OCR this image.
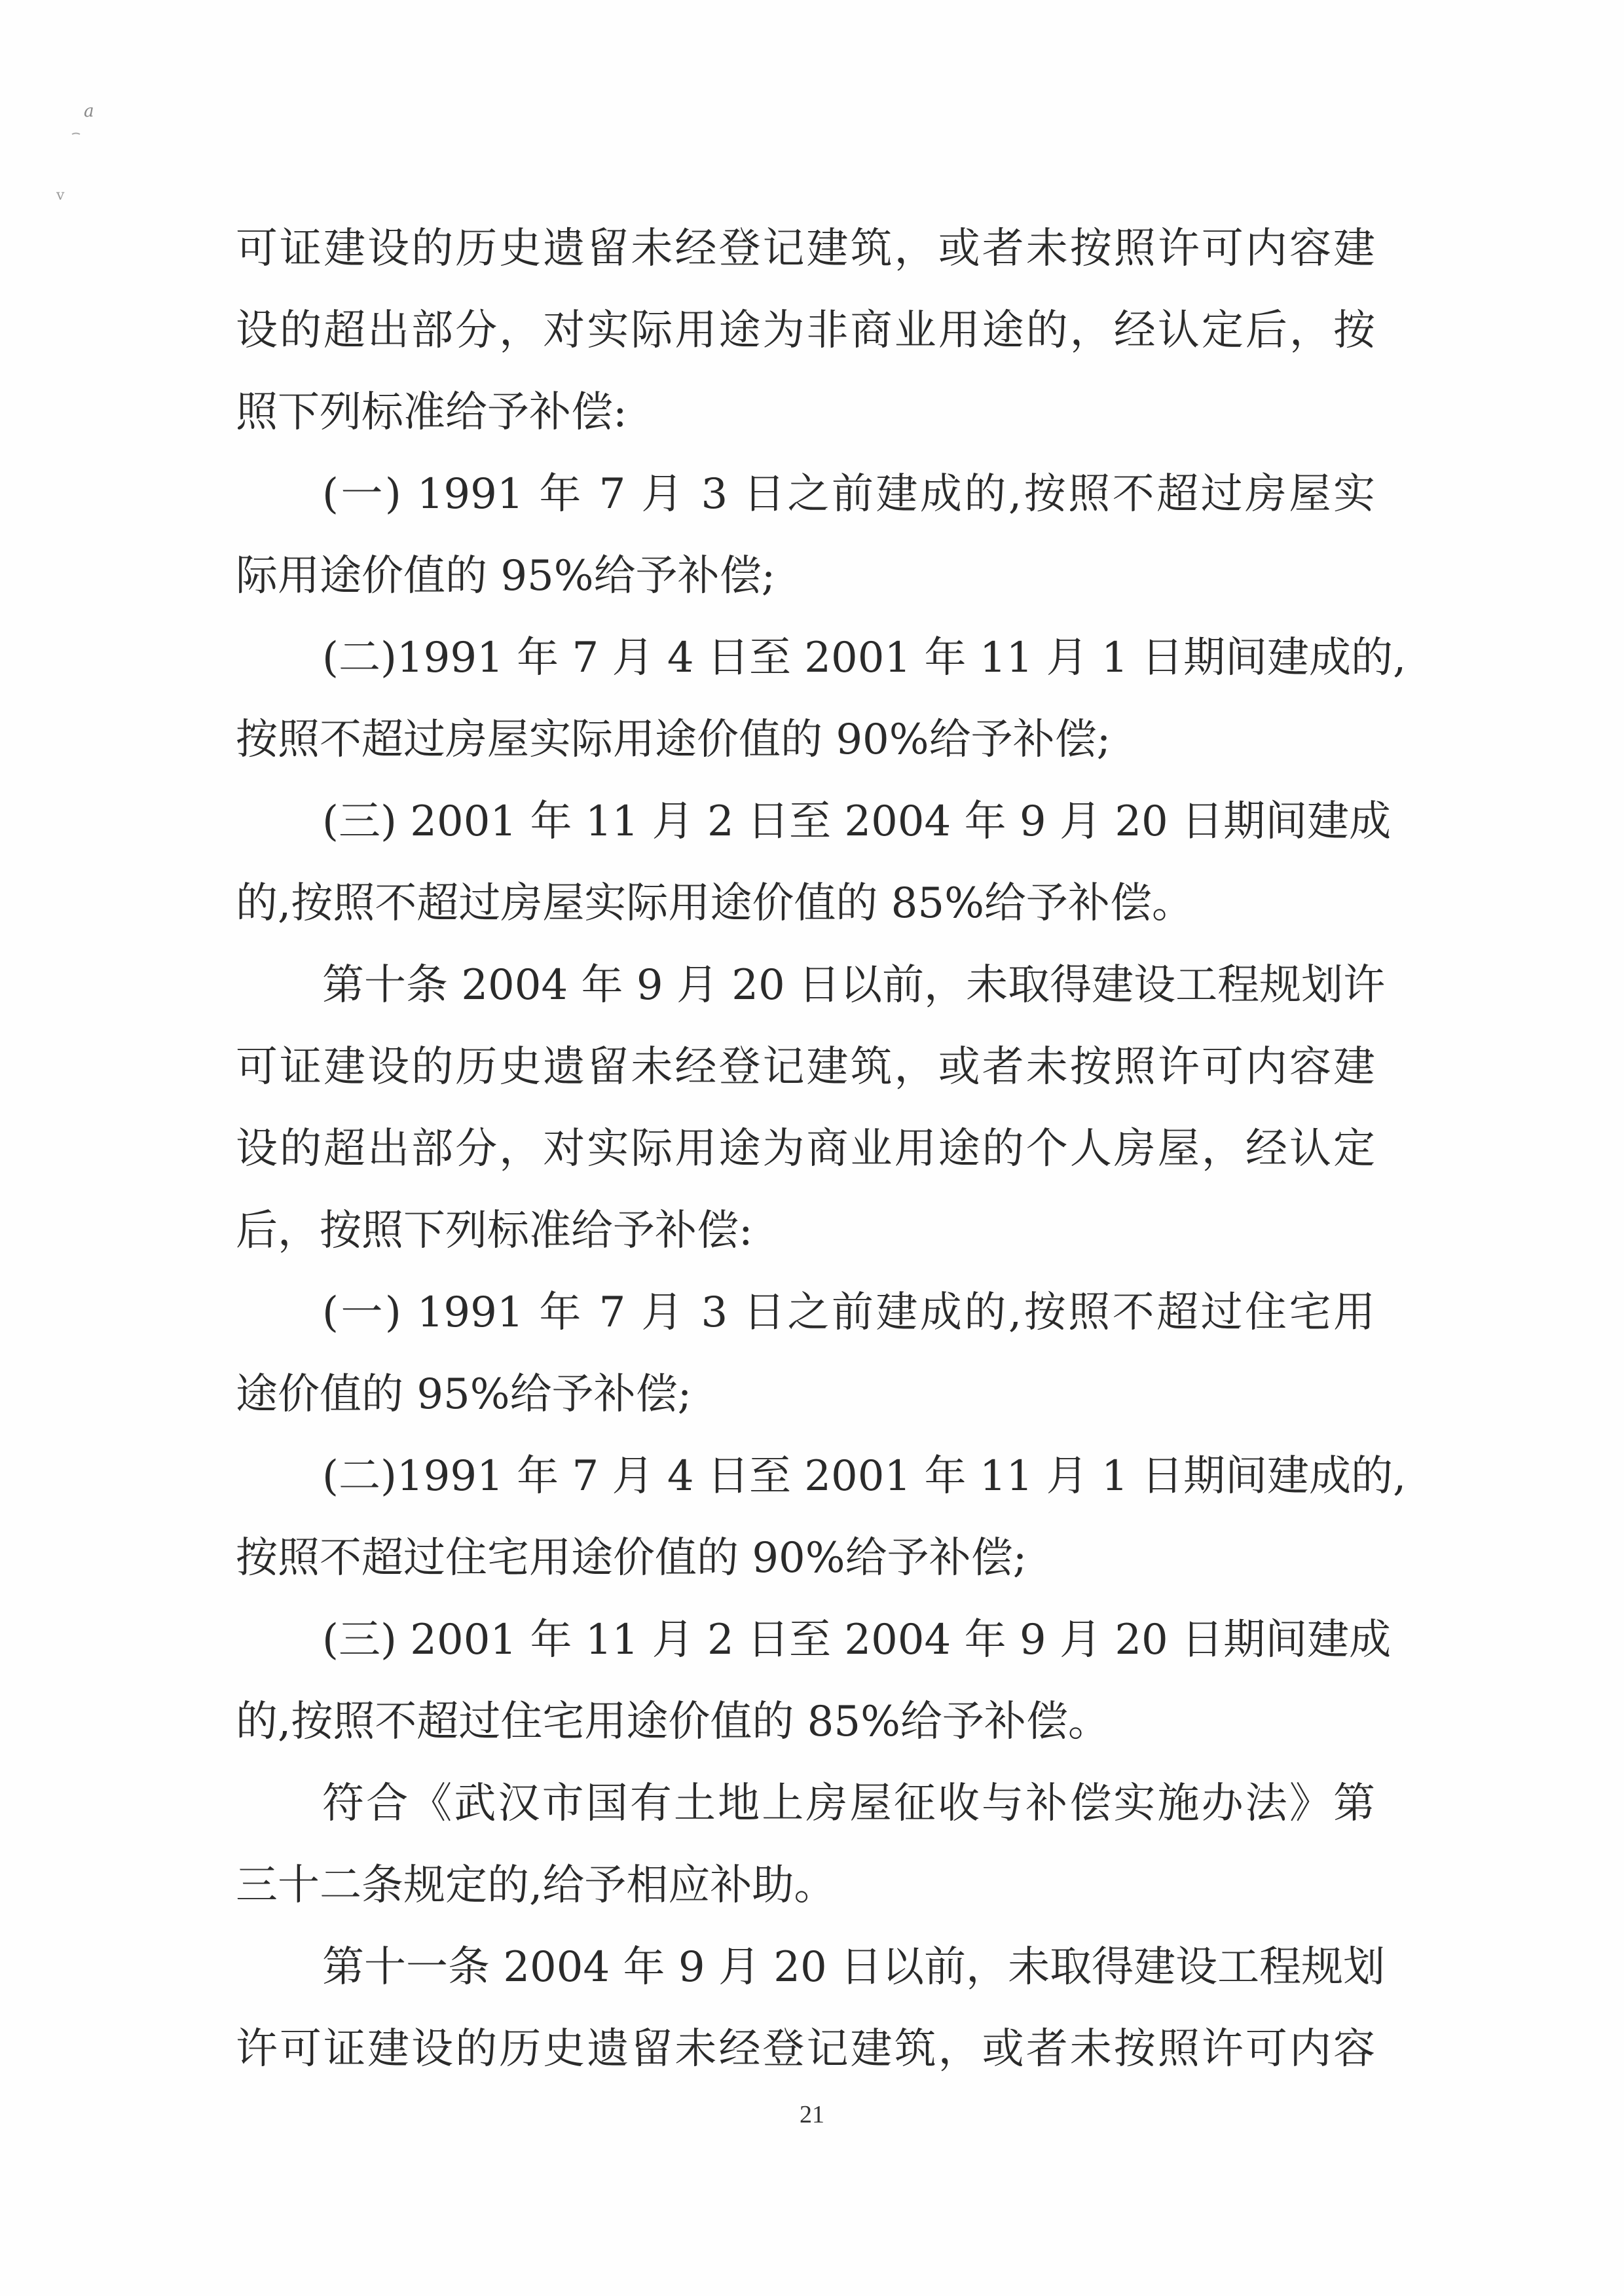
a
v
可证建设的历史遗留未经登记建筑，或者未按照许可内容建
设的超出部分，对实际用途为非商业用途的，经认定后，按
照下列标准给予补偿:
(一) 1991 年 7 月 3 日之前建成的,按照不超过房屋实
际用途价值的 95%给予补偿;
(二)1991 年 7 月 4 日至 2001 年 11 月 1 日期间建成的,
按照不超过房屋实际用途价值的 90%给予补偿;
(三) 2001 年 11 月 2 日至 2004 年 9 月 20 日期间建成
的,按照不超过房屋实际用途价值的 85%给予补偿。
第十条 2004 年 9 月 20 日以前，未取得建设工程规划许
可证建设的历史遗留未经登记建筑，或者未按照许可内容建
设的超出部分，对实际用途为商业用途的个人房屋，经认定
后，按照下列标准给予补偿:
(一) 1991 年 7 月 3 日之前建成的,按照不超过住宅用
途价值的 95%给予补偿;
(二)1991 年 7 月 4 日至 2001 年 11 月 1 日期间建成的,
按照不超过住宅用途价值的 90%给予补偿;
(三) 2001 年 11 月 2 日至 2004 年 9 月 20 日期间建成
的,按照不超过住宅用途价值的 85%给予补偿。
符合《武汉市国有土地上房屋征收与补偿实施办法》第
三十二条规定的,给予相应补助。
第十一条 2004 年 9 月 20 日以前，未取得建设工程规划
许可证建设的历史遗留未经登记建筑，或者未按照许可内容
21
